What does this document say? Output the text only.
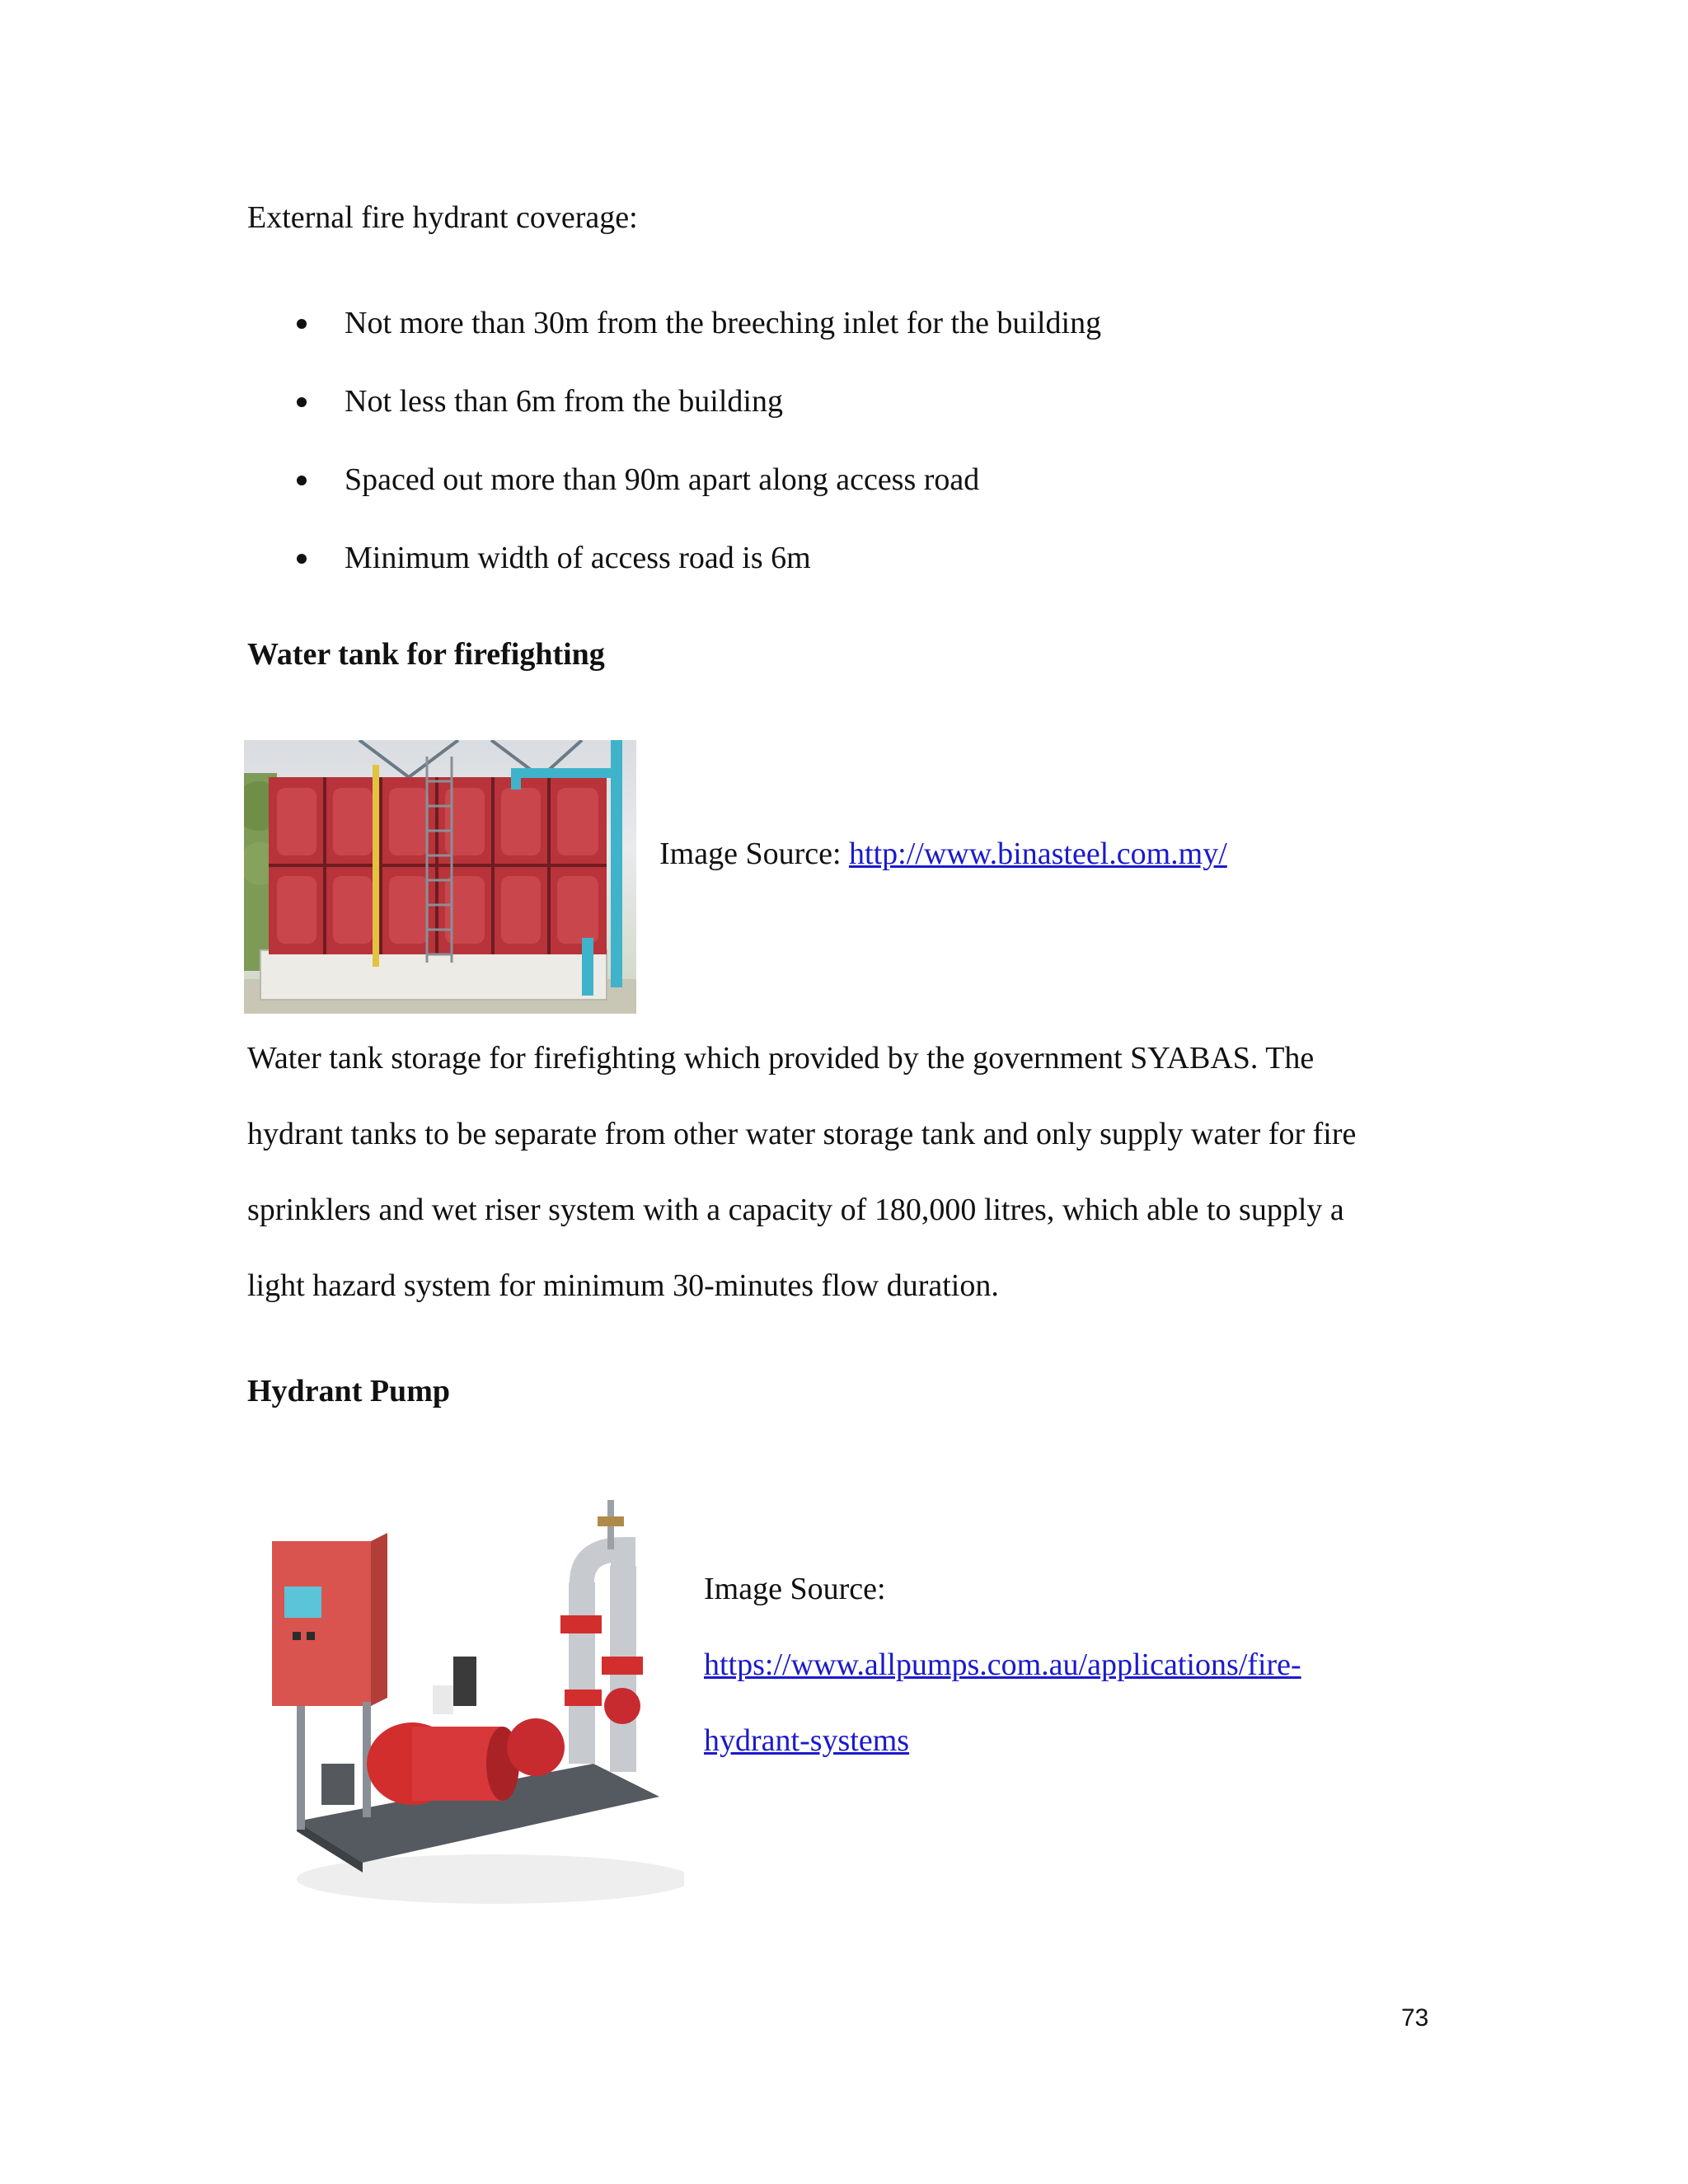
External fire hydrant coverage:
Not more than 30m from the breeching inlet for the building
Not less than 6m from the building
Spaced out more than 90m apart along access road
Minimum width of access road is 6m
Water tank for firefighting
Image Source: http://www.binasteel.com.my/
Water tank storage for firefighting which provided by the government SYABAS. The
hydrant tanks to be separate from other water storage tank and only supply water for fire
sprinklers and wet riser system with a capacity of 180,000 litres, which able to supply a
light hazard system for minimum 30-minutes flow duration.
Hydrant Pump
Image Source:
https://www.allpumps.com.au/applications/fire-
hydrant-systems
73
